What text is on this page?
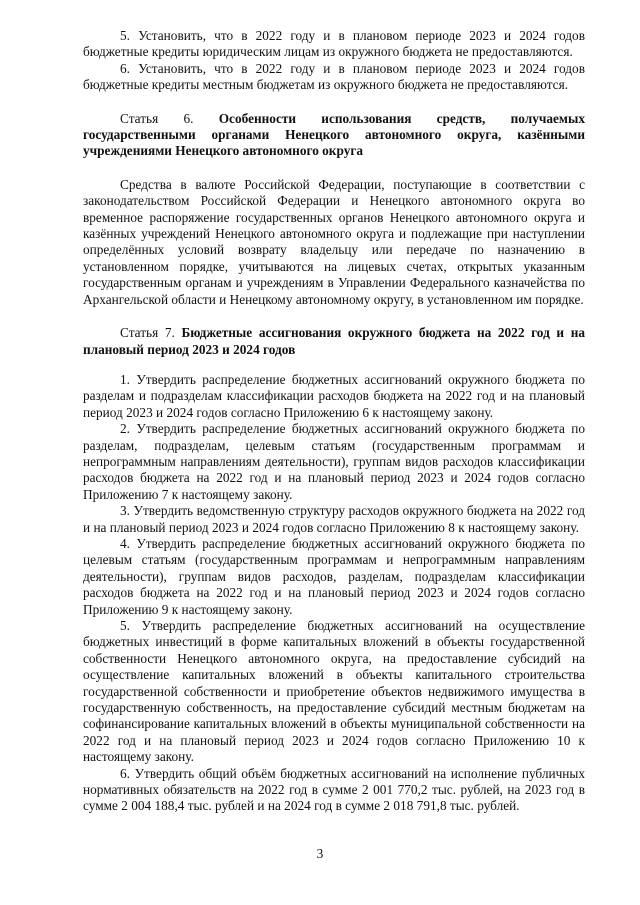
5. Установить, что в 2022 году и в плановом периоде 2023 и 2024 годов бюджетные кредиты юридическим лицам из окружного бюджета не предоставляются.

6. Установить, что в 2022 году и в плановом периоде 2023 и 2024 годов бюджетные кредиты местным бюджетам из окружного бюджета не предоставляются.

Статья 6. Особенности использования средств, получаемых государственными органами Ненецкого автономного округа, казёнными учреждениями Ненецкого автономного округа

Средства в валюте Российской Федерации, поступающие в соответствии с законодательством Российской Федерации и Ненецкого автономного округа во временное распоряжение государственных органов Ненецкого автономного округа и казённых учреждений Ненецкого автономного округа и подлежащие при наступлении определённых условий возврату владельцу или передаче по назначению в установленном порядке, учитываются на лицевых счетах, открытых указанным государственным органам и учреждениям в Управлении Федерального казначейства по Архангельской области и Ненецкому автономному округу, в установленном им порядке.

Статья 7. Бюджетные ассигнования окружного бюджета на 2022 год и на плановый период 2023 и 2024 годов

1. Утвердить распределение бюджетных ассигнований окружного бюджета по разделам и подразделам классификации расходов бюджета на 2022 год и на плановый период 2023 и 2024 годов согласно Приложению 6 к настоящему закону.

2. Утвердить распределение бюджетных ассигнований окружного бюджета по разделам, подразделам, целевым статьям (государственным программам и непрограммным направлениям деятельности), группам видов расходов классификации расходов бюджета на 2022 год и на плановый период 2023 и 2024 годов согласно Приложению 7 к настоящему закону.

3. Утвердить ведомственную структуру расходов окружного бюджета на 2022 год и на плановый период 2023 и 2024 годов согласно Приложению 8 к настоящему закону.

4. Утвердить распределение бюджетных ассигнований окружного бюджета по целевым статьям (государственным программам и непрограммным направлениям деятельности), группам видов расходов, разделам, подразделам классификации расходов бюджета на 2022 год и на плановый период 2023 и 2024 годов согласно Приложению 9 к настоящему закону.

5. Утвердить распределение бюджетных ассигнований на осуществление бюджетных инвестиций в форме капитальных вложений в объекты государственной собственности Ненецкого автономного округа, на предоставление субсидий на осуществление капитальных вложений в объекты капитального строительства государственной собственности и приобретение объектов недвижимого имущества в государственную собственность, на предоставление субсидий местным бюджетам на софинансирование капитальных вложений в объекты муниципальной собственности на 2022 год и на плановый период 2023 и 2024 годов согласно Приложению 10 к настоящему закону.

6. Утвердить общий объём бюджетных ассигнований на исполнение публичных нормативных обязательств на 2022 год в сумме 2 001 770,2 тыс. рублей, на 2023 год в сумме 2 004 188,4 тыс. рублей и на 2024 год в сумме 2 018 791,8 тыс. рублей.

3
